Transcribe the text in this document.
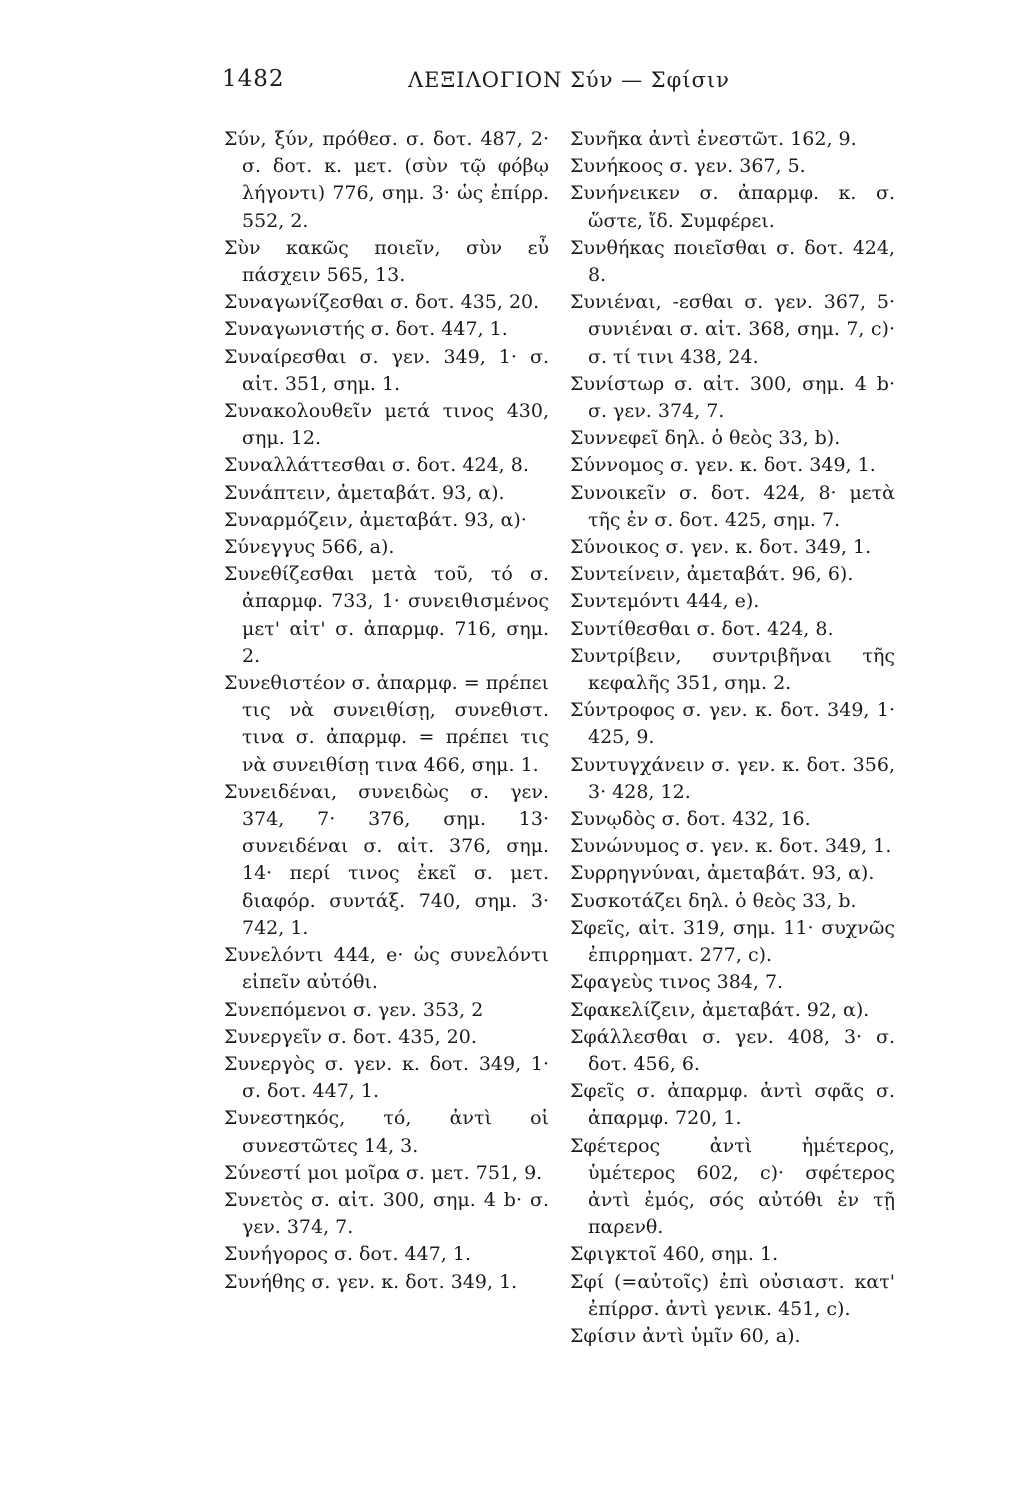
1482	ΛΕΞΙΛΟΓΙΟΝ Σύν — Σφίσιν
Σύν, ξύν, πρόθεσ. σ. δοτ. 487, 2· σ. δοτ. κ. μετ. (σὺν τῷ φόβῳ λήγοντι) 776, σημ. 3· ὡς ἐπίρρ. 552, 2.
Σὺν κακῶς ποιεῖν, σὺν εὖ πάσχειν 565, 13.
Συναγωνίζεσθαι σ. δοτ. 435, 20.
Συναγωνιστής σ. δοτ. 447, 1.
Συναίρεσθαι σ. γεν. 349, 1· σ. αἰτ. 351, σημ. 1.
Συνακολουθεῖν μετά τινος 430, σημ. 12.
Συναλλάττεσθαι σ. δοτ. 424, 8.
Συνάπτειν, ἀμεταβάτ. 93, α).
Συναρμόζειν, ἀμεταβάτ. 93, α)·
Σύνεγγυς 566, a).
Συνεθίζεσθαι μετὰ τοῦ, τό σ. ἀπαρμφ. 733, 1· συνειθισμένος μετ' αἰτ' σ. ἀπαρμφ. 716, σημ. 2.
Συνεθιστέον σ. ἀπαρμφ. = πρέπει τις νὰ συνειθίσῃ, συνεθιστ. τινα σ. ἀπαρμφ. = πρέπει τις νὰ συνειθίσῃ τινα 466, σημ. 1.
Συνειδέναι, συνειδὼς σ. γεν. 374, 7· 376, σημ. 13· συνειδέναι σ. αἰτ. 376, σημ. 14· περί τινος ἐκεῖ σ. μετ. διαφόρ. συντάξ. 740, σημ. 3· 742, 1.
Συνελόντι 444, e· ὡς συνελόντι εἰπεῖν αὐτόθι.
Συνεπόμενοι σ. γεν. 353, 2
Συνεργεῖν σ. δοτ. 435, 20.
Συνεργὸς σ. γεν. κ. δοτ. 349, 1· σ. δοτ. 447, 1.
Συνεστηκός, τό, ἀντὶ οἱ συνεστῶτες 14, 3.
Σύνεστί μοι μοῖρα σ. μετ. 751, 9.
Συνετὸς σ. αἰτ. 300, σημ. 4 b· σ. γεν. 374, 7.
Συνήγορος σ. δοτ. 447, 1.
Συνήθης σ. γεν. κ. δοτ. 349, 1.
Συνῆκα ἀντὶ ἐνεστῶτ. 162, 9.
Συνήκοος σ. γεν. 367, 5.
Συνήνεικεν σ. ἀπαρμφ. κ. σ. ὥστε, ἴδ. Συμφέρει.
Συνθήκας ποιεῖσθαι σ. δοτ. 424, 8.
Συνιέναι, -εσθαι σ. γεν. 367, 5· συνιέναι σ. αἰτ. 368, σημ. 7, c)· σ. τί τινι 438, 24.
Συνίστωρ σ. αἰτ. 300, σημ. 4 b· σ. γεν. 374, 7.
Συννεφεῖ δηλ. ὁ θεὸς 33, b).
Σύννομος σ. γεν. κ. δοτ. 349, 1.
Συνοικεῖν σ. δοτ. 424, 8· μετὰ τῆς ἐν σ. δοτ. 425, σημ. 7.
Σύνοικος σ. γεν. κ. δοτ. 349, 1.
Συντείνειν, ἀμεταβάτ. 96, 6).
Συντεμόντι 444, e).
Συντίθεσθαι σ. δοτ. 424, 8.
Συντρίβειν, συντριβῆναι τῆς κεφαλῆς 351, σημ. 2.
Σύντροφος σ. γεν. κ. δοτ. 349, 1· 425, 9.
Συντυγχάνειν σ. γεν. κ. δοτ. 356, 3· 428, 12.
Συνῳδὸς σ. δοτ. 432, 16.
Συνώνυμος σ. γεν. κ. δοτ. 349, 1.
Συρρηγνύναι, ἀμεταβάτ. 93, α).
Συσκοτάζει δηλ. ὁ θεὸς 33, b.
Σφεῖς, αἰτ. 319, σημ. 11· συχνῶς ἐπιρρηματ. 277, c).
Σφαγεὺς τινος 384, 7.
Σφακελίζειν, ἀμεταβάτ. 92, α).
Σφάλλεσθαι σ. γεν. 408, 3· σ. δοτ. 456, 6.
Σφεῖς σ. ἀπαρμφ. ἀντὶ σφᾶς σ. ἀπαρμφ. 720, 1.
Σφέτερος ἀντὶ ἡμέτερος, ὑμέτερος 602, c)· σφέτερος ἀντὶ ἐμός, σός αὐτόθι ἐν τῇ παρενθ.
Σφιγκτοῖ 460, σημ. 1.
Σφί (=αὐτοῖς) ἐπὶ οὐσιαστ. κατ' ἐπίρρσ. ἀντὶ γενικ. 451, c).
Σφίσιν ἀντὶ ὑμῖν 60, a).
